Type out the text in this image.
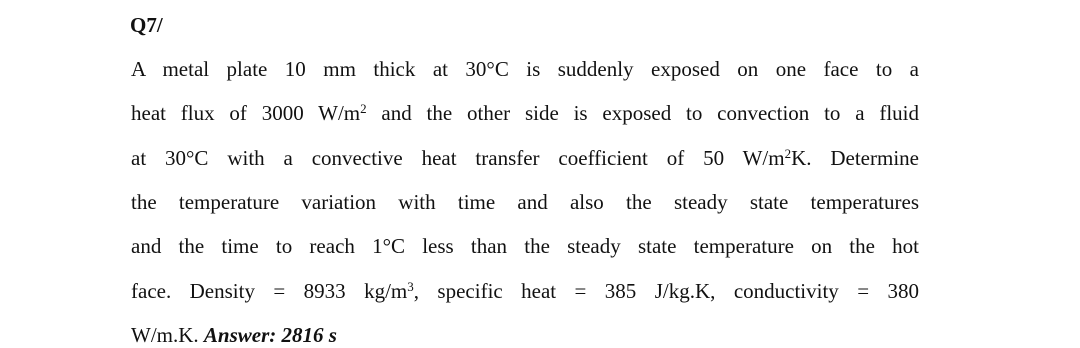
Q7/

A metal plate 10 mm thick at 30°C is suddenly exposed on one face to a

heat flux of 3000 $W/m^2$ and the other side is exposed to convection to a fluid

at 30°C with a convective heat transfer coefficient of 50 $W/m^2K$. Determine

the temperature variation with time and also the steady state temperatures

and the time to reach 1°C less than the steady state temperature on the hot

face. Density = 8933 $kg/m^3$, specific heat = 385 J/kg.K, conductivity = 380

W/m.K. Answer: 2816 s
